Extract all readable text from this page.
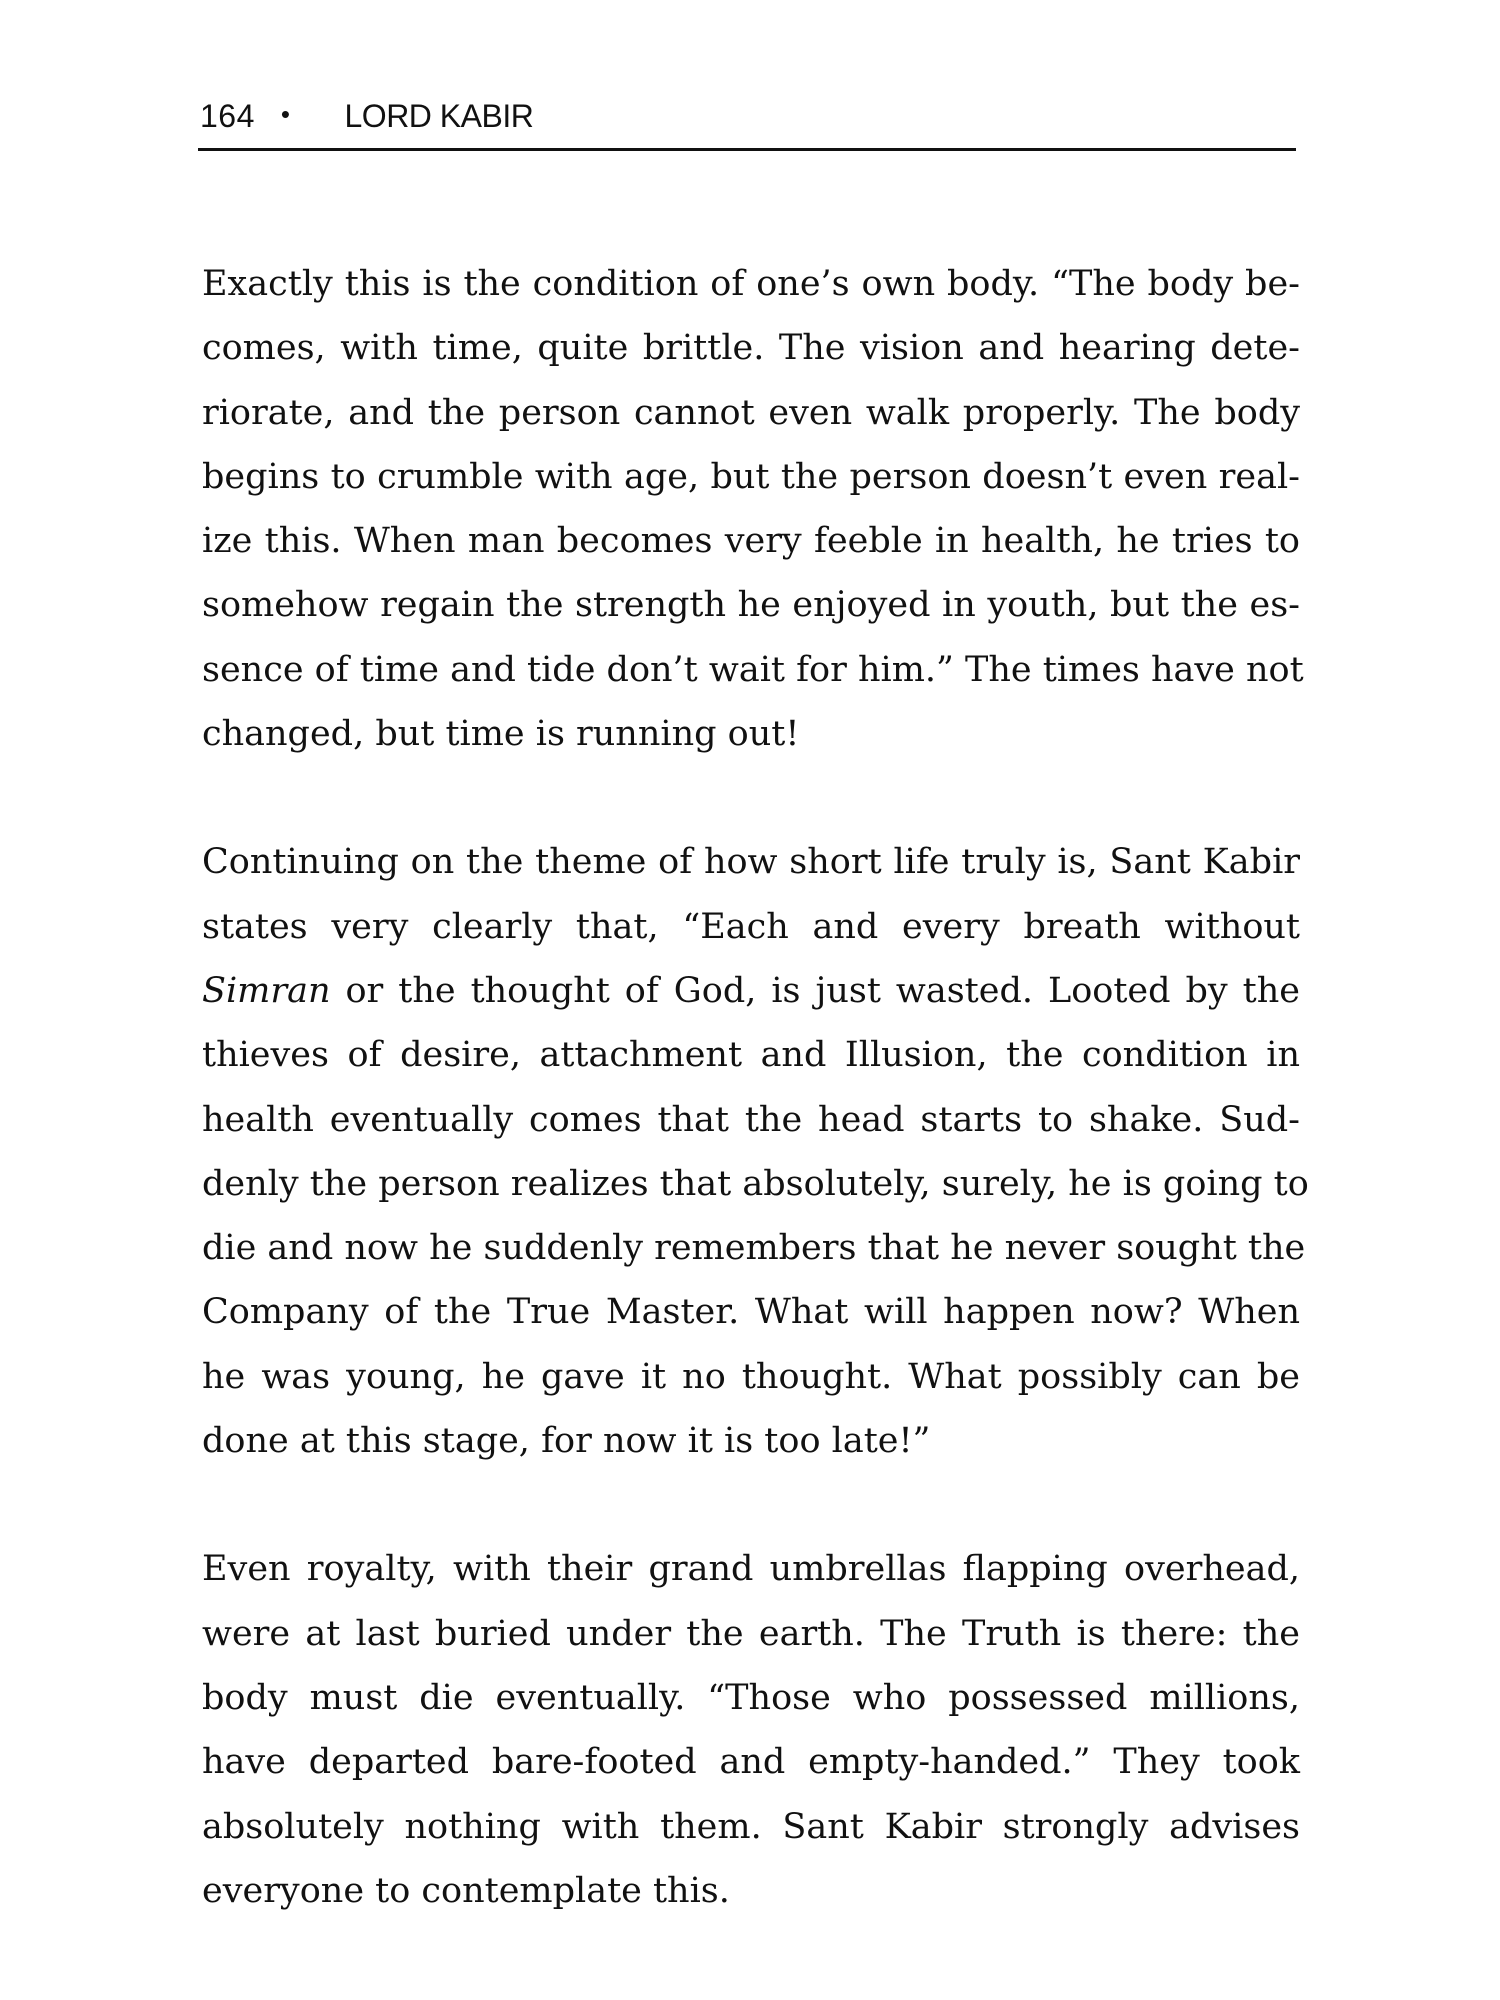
164 • LORD KABIR

Exactly this is the condition of one’s own body. “The body be-
comes, with time, quite brittle. The vision and hearing dete-
riorate, and the person cannot even walk properly. The body
begins to crumble with age, but the person doesn’t even real-
ize this. When man becomes very feeble in health, he tries to
somehow regain the strength he enjoyed in youth, but the es-
sence of time and tide don’t wait for him.” The times have not
changed, but time is running out!

Continuing on the theme of how short life truly is, Sant Kabir
states very clearly that, “Each and every breath without
Simran or the thought of God, is just wasted. Looted by the
thieves of desire, attachment and Illusion, the condition in
health eventually comes that the head starts to shake. Sud-
denly the person realizes that absolutely, surely, he is going to
die and now he suddenly remembers that he never sought the
Company of the True Master. What will happen now? When
he was young, he gave it no thought. What possibly can be
done at this stage, for now it is too late!”

Even royalty, with their grand umbrellas flapping overhead,
were at last buried under the earth. The Truth is there: the
body must die eventually. “Those who possessed millions,
have departed bare-footed and empty-handed.” They took
absolutely nothing with them. Sant Kabir strongly advises
everyone to contemplate this.
